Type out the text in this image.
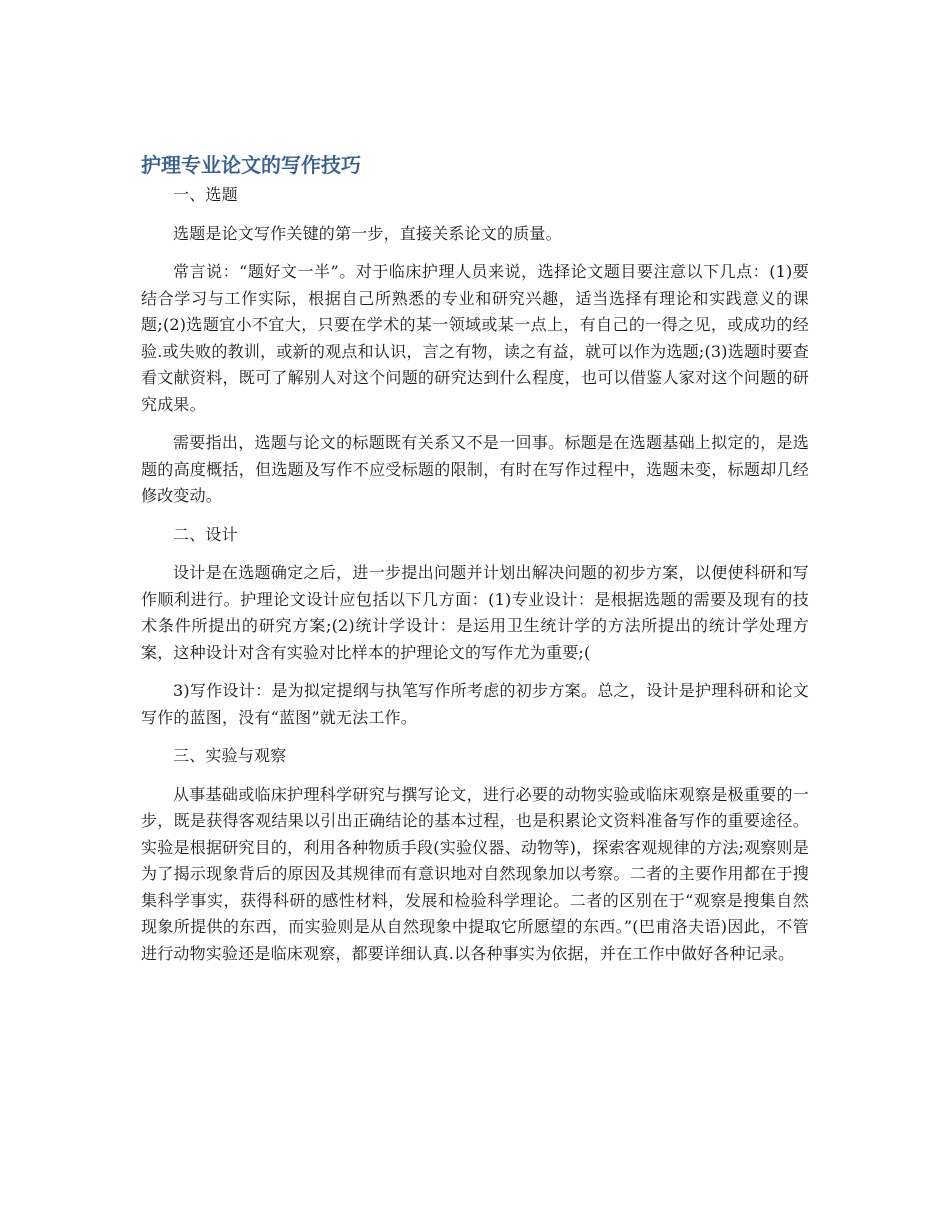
护理专业论文的写作技巧

一、选题

选题是论文写作关键的第一步，直接关系论文的质量。

常言说：“题好文一半”。对于临床护理人员来说，选择论文题目要注意以下几点：(1)要结合学习与工作实际，根据自己所熟悉的专业和研究兴趣，适当选择有理论和实践意义的课题;(2)选题宜小不宜大，只要在学术的某一领域或某一点上，有自己的一得之见，或成功的经验.或失败的教训，或新的观点和认识，言之有物，读之有益，就可以作为选题;(3)选题时要查看文献资料，既可了解别人对这个问题的研究达到什么程度，也可以借鉴人家对这个问题的研究成果。

需要指出，选题与论文的标题既有关系又不是一回事。标题是在选题基础上拟定的，是选题的高度概括，但选题及写作不应受标题的限制，有时在写作过程中，选题未变，标题却几经修改变动。

二、设计

设计是在选题确定之后，进一步提出问题并计划出解决问题的初步方案，以便使科研和写作顺利进行。护理论文设计应包括以下几方面：(1)专业设计：是根据选题的需要及现有的技术条件所提出的研究方案;(2)统计学设计：是运用卫生统计学的方法所提出的统计学处理方案，这种设计对含有实验对比样本的护理论文的写作尤为重要;(

3)写作设计：是为拟定提纲与执笔写作所考虑的初步方案。总之，设计是护理科研和论文写作的蓝图，没有“蓝图”就无法工作。

三、实验与观察

从事基础或临床护理科学研究与撰写论文，进行必要的动物实验或临床观察是极重要的一步，既是获得客观结果以引出正确结论的基本过程，也是积累论文资料准备写作的重要途径。实验是根据研究目的，利用各种物质手段(实验仪器、动物等)，探索客观规律的方法;观察则是为了揭示现象背后的原因及其规律而有意识地对自然现象加以考察。二者的主要作用都在于搜集科学事实，获得科研的感性材料，发展和检验科学理论。二者的区别在于“观察是搜集自然现象所提供的东西，而实验则是从自然现象中提取它所愿望的东西。”(巴甫洛夫语)因此，不管进行动物实验还是临床观察，都要详细认真.以各种事实为依据，并在工作中做好各种记录。
